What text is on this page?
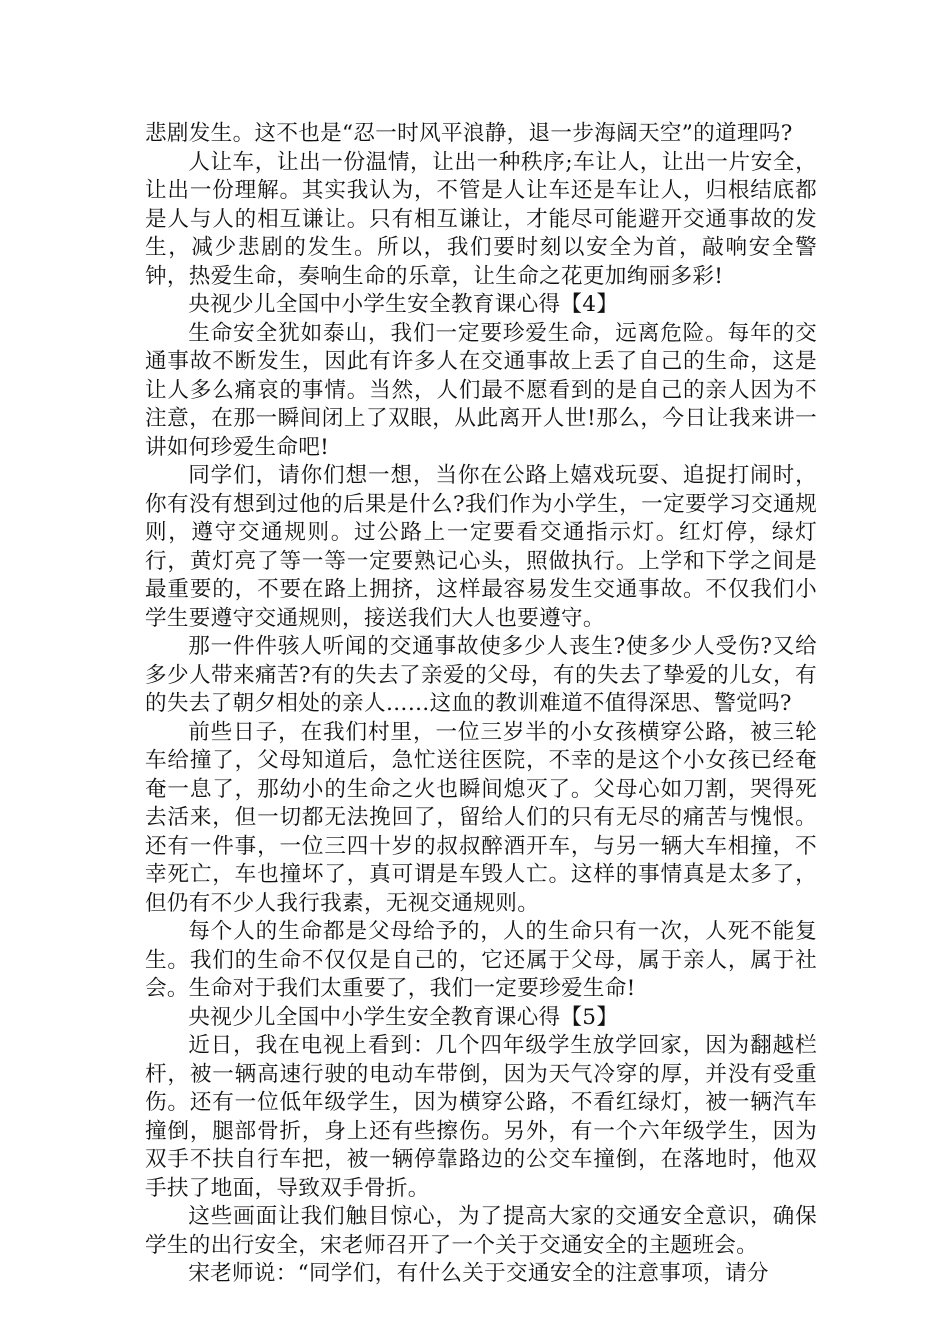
悲剧发生。这不也是“忍一时风平浪静，退一步海阔天空”的道理吗?

人让车，让出一份温情，让出一种秩序;车让人，让出一片安全，让出一份理解。其实我认为，不管是人让车还是车让人，归根结底都是人与人的相互谦让。只有相互谦让，才能尽可能避开交通事故的发生，减少悲剧的发生。所以，我们要时刻以安全为首，敲响安全警钟，热爱生命，奏响生命的乐章，让生命之花更加绚丽多彩!

央视少儿全国中小学生安全教育课心得【4】

生命安全犹如泰山，我们一定要珍爱生命，远离危险。每年的交通事故不断发生，因此有许多人在交通事故上丢了自己的生命，这是让人多么痛哀的事情。当然，人们最不愿看到的是自己的亲人因为不注意，在那一瞬间闭上了双眼，从此离开人世!那么，今日让我来讲一讲如何珍爱生命吧!

同学们，请你们想一想，当你在公路上嬉戏玩耍、追捉打闹时，你有没有想到过他的后果是什么?我们作为小学生，一定要学习交通规则，遵守交通规则。过公路上一定要看交通指示灯。红灯停，绿灯行，黄灯亮了等一等一定要熟记心头，照做执行。上学和下学之间是最重要的，不要在路上拥挤，这样最容易发生交通事故。不仅我们小学生要遵守交通规则，接送我们大人也要遵守。

那一件件骇人听闻的交通事故使多少人丧生?使多少人受伤?又给多少人带来痛苦?有的失去了亲爱的父母，有的失去了挚爱的儿女，有的失去了朝夕相处的亲人……这血的教训难道不值得深思、警觉吗?

前些日子，在我们村里，一位三岁半的小女孩横穿公路，被三轮车给撞了，父母知道后，急忙送往医院，不幸的是这个小女孩已经奄奄一息了，那幼小的生命之火也瞬间熄灭了。父母心如刀割，哭得死去活来，但一切都无法挽回了，留给人们的只有无尽的痛苦与愧恨。还有一件事，一位三四十岁的叔叔醉酒开车，与另一辆大车相撞，不幸死亡，车也撞坏了，真可谓是车毁人亡。这样的事情真是太多了，但仍有不少人我行我素，无视交通规则。

每个人的生命都是父母给予的，人的生命只有一次，人死不能复生。我们的生命不仅仅是自己的，它还属于父母，属于亲人，属于社会。生命对于我们太重要了，我们一定要珍爱生命!

央视少儿全国中小学生安全教育课心得【5】

近日，我在电视上看到：几个四年级学生放学回家，因为翻越栏杆，被一辆高速行驶的电动车带倒，因为天气冷穿的厚，并没有受重伤。还有一位低年级学生，因为横穿公路，不看红绿灯，被一辆汽车撞倒，腿部骨折，身上还有些擦伤。另外，有一个六年级学生，因为双手不扶自行车把，被一辆停靠路边的公交车撞倒，在落地时，他双手扶了地面，导致双手骨折。

这些画面让我们触目惊心，为了提高大家的交通安全意识，确保学生的出行安全，宋老师召开了一个关于交通安全的主题班会。

宋老师说：“同学们，有什么关于交通安全的注意事项，请分
